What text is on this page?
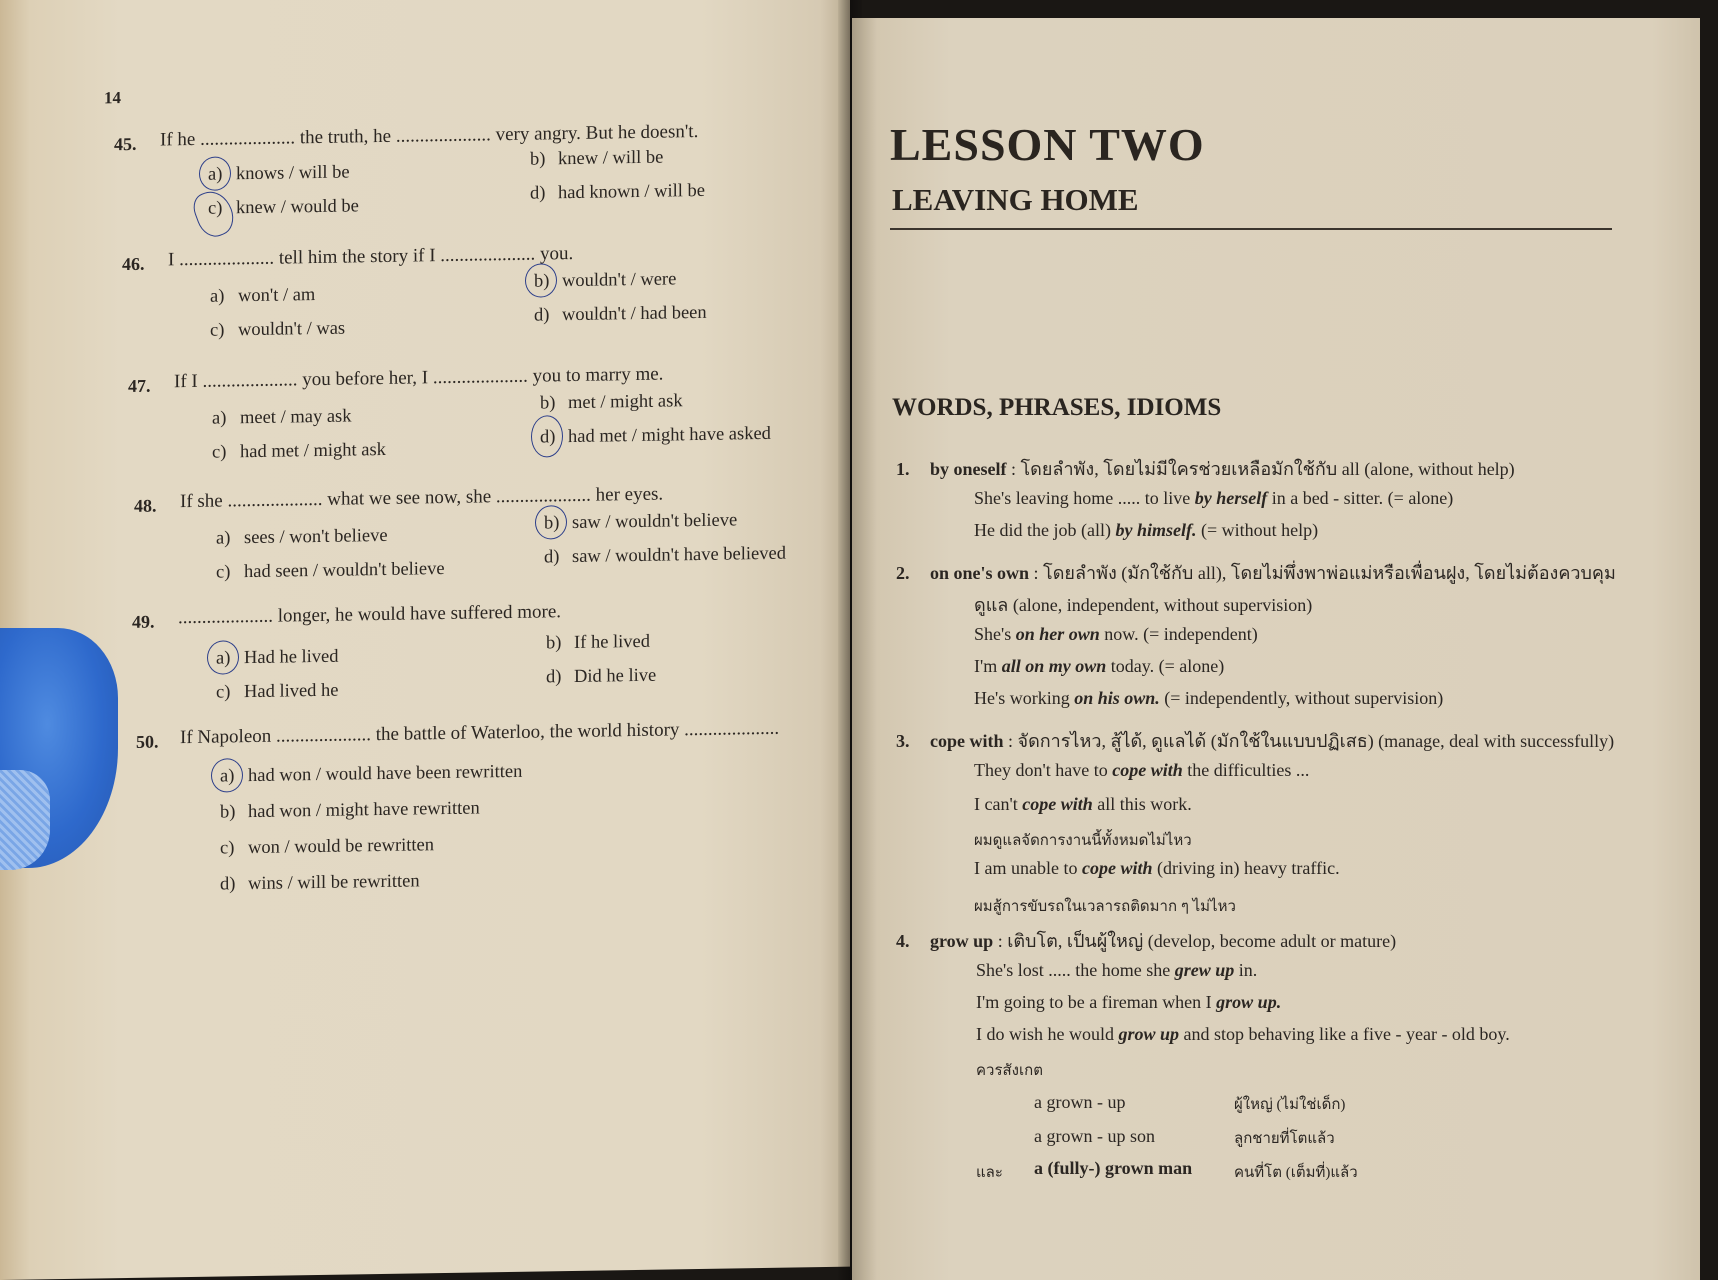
14
45. If he .................... the truth, he .................... very angry. But he doesn't.
a) knows / will be
b) knew / will be
c) knew / would be
d) had known / will be
46. I .................... tell him the story if I .................... you.
a) won't / am
b) wouldn't / were
c) wouldn't / was
d) wouldn't / had been
47. If I .................... you before her, I .................... you to marry me.
a) meet / may ask
b) met / might ask
c) had met / might ask
d) had met / might have asked
48. If she .................... what we see now, she .................... her eyes.
a) sees / won't believe
b) saw / wouldn't believe
c) had seen / wouldn't believe
d) saw / wouldn't have believed
49. .................... longer, he would have suffered more.
a) Had he lived
b) If he lived
c) Had lived he
d) Did he live
50. If Napoleon .................... the battle of Waterloo, the world history ....................
a) had won / would have been rewritten
b) had won / might have rewritten
c) won / would be rewritten
d) wins / will be rewritten
LESSON TWO
LEAVING HOME
WORDS, PHRASES, IDIOMS
1. by oneself : โดยลำพัง, โดยไม่มีใครช่วยเหลือมักใช้กับ all (alone, without help)
She's leaving home ..... to live by herself in a bed - sitter. (= alone)
He did the job (all) by himself. (= without help)
2. on one's own : โดยลำพัง (มักใช้กับ all), โดยไม่พึ่งพาพ่อแม่หรือเพื่อนฝูง, โดยไม่ต้องควบคุม
ดูแล (alone, independent, without supervision)
She's on her own now. (= independent)
I'm all on my own today. (= alone)
He's working on his own. (= independently, without supervision)
3. cope with : จัดการไหว, สู้ได้, ดูแลได้ (มักใช้ในแบบปฏิเสธ) (manage, deal with successfully)
They don't have to cope with the difficulties ...
I can't cope with all this work.
ผมดูแลจัดการงานนี้ทั้งหมดไม่ไหว
I am unable to cope with (driving in) heavy traffic.
ผมสู้การขับรถในเวลารถติดมาก ๆ ไม่ไหว
4. grow up : เติบโต, เป็นผู้ใหญ่ (develop, become adult or mature)
She's lost ..... the home she grew up in.
I'm going to be a fireman when I grow up.
I do wish he would grow up and stop behaving like a five - year - old boy.
ควรสังเกต
a grown - up	ผู้ใหญ่ (ไม่ใช่เด็ก)
a grown - up son	ลูกชายที่โตแล้ว
และ a (fully-) grown man	คนที่โต (เต็มที่)แล้ว
